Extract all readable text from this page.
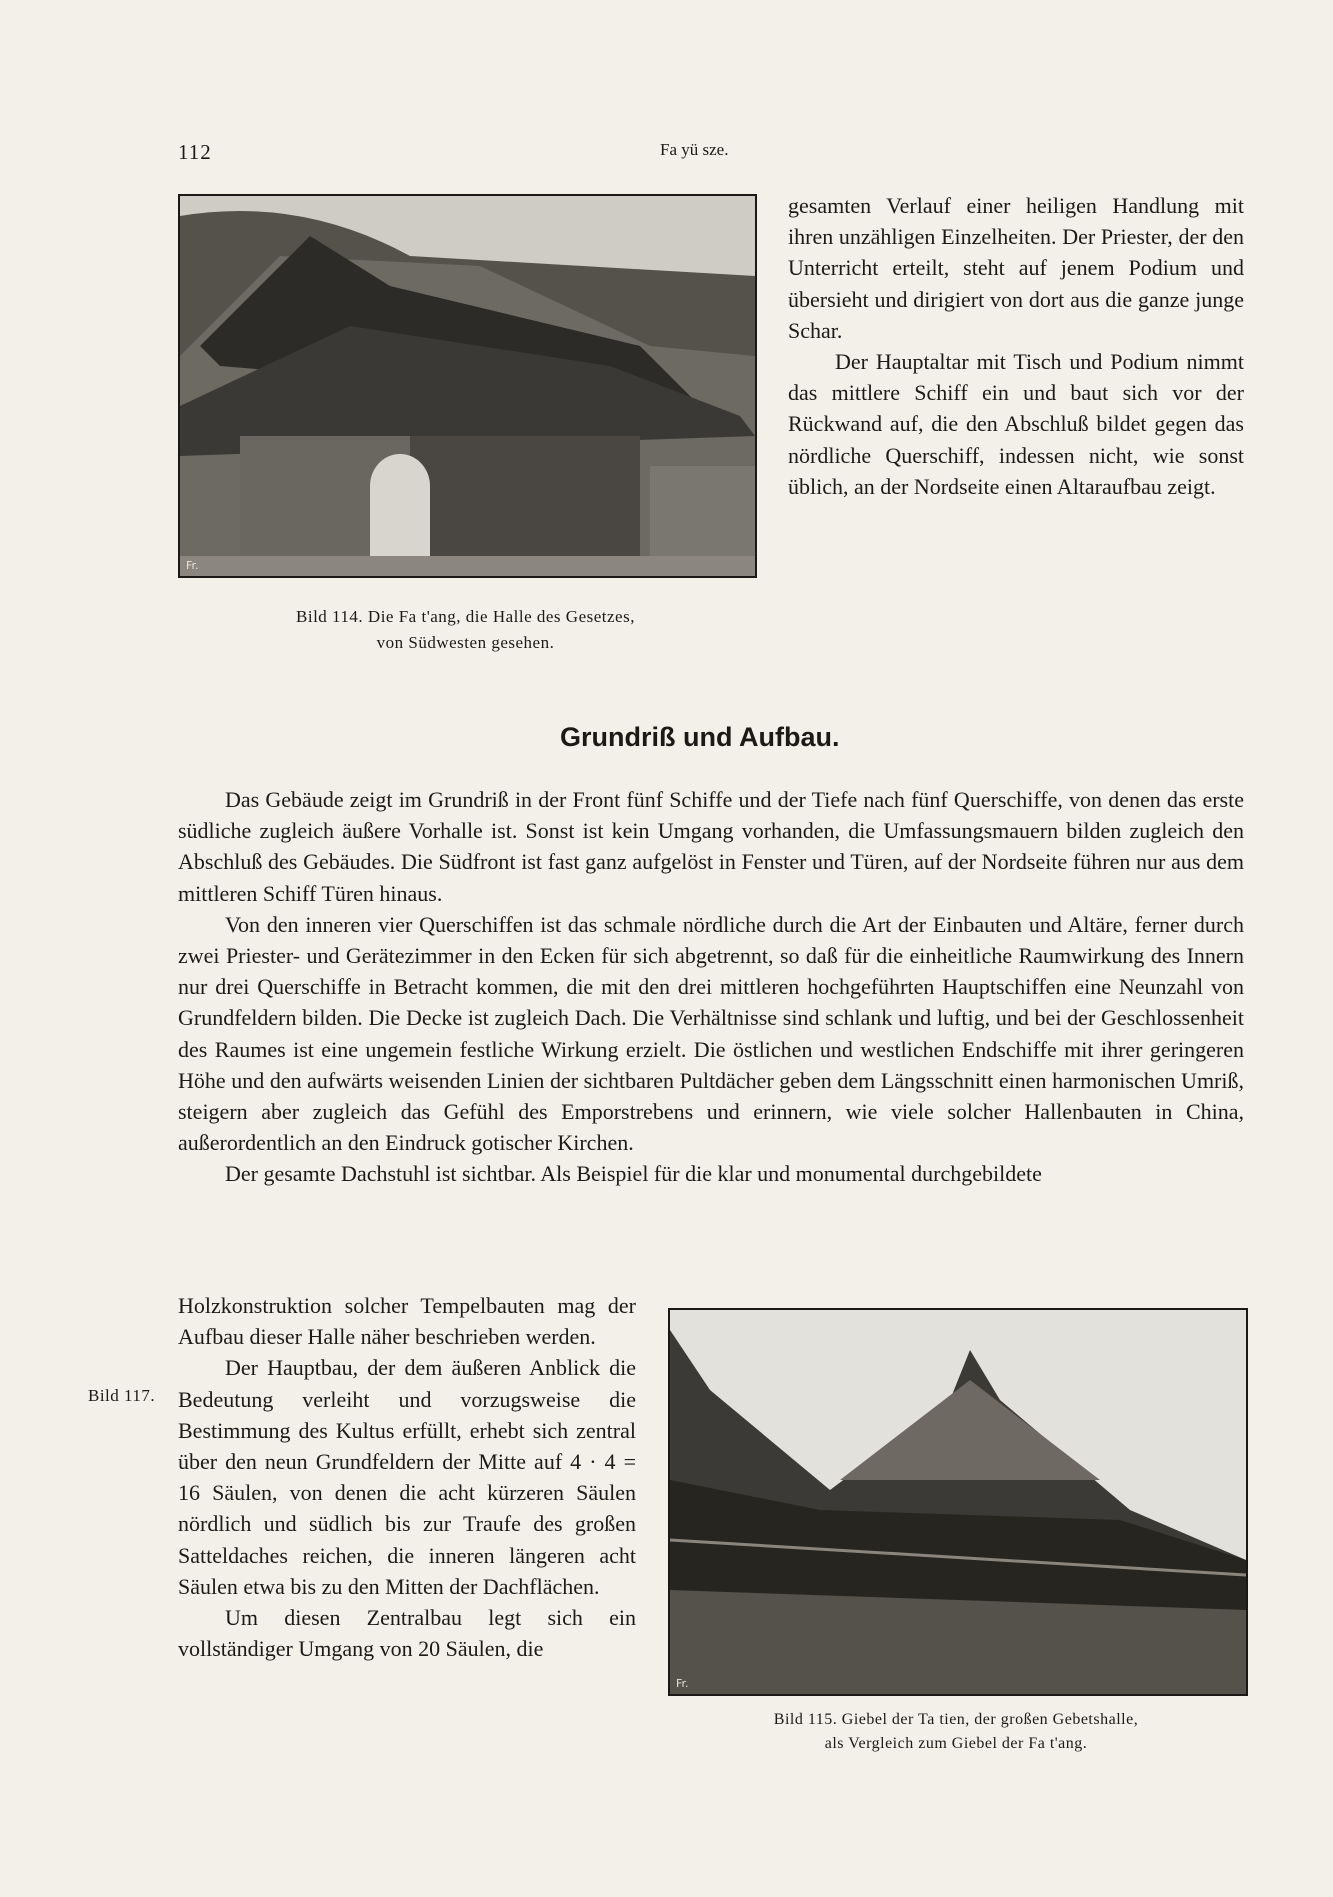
112	Fa yü sze.
Fr.
Bild 114. Die Fa t'ang, die Halle des Gesetzes,
von Südwesten gesehen.

gesamten Verlauf einer heiligen Handlung mit ihren unzähligen Einzelheiten. Der Priester, der den Unterricht erteilt, steht auf jenem Podium und übersieht und dirigiert von dort aus die ganze junge Schar.

Der Hauptaltar mit Tisch und Podium nimmt das mittlere Schiff ein und baut sich vor der Rückwand auf, die den Abschluß bildet gegen das nördliche Querschiff, indessen nicht, wie sonst üblich, an der Nordseite einen Altaraufbau zeigt.

Grundriß und Aufbau.

Das Gebäude zeigt im Grundriß in der Front fünf Schiffe und der Tiefe nach fünf Querschiffe, von denen das erste südliche zugleich äußere Vorhalle ist. Sonst ist kein Umgang vorhanden, die Umfassungsmauern bilden zugleich den Abschluß des Gebäudes. Die Südfront ist fast ganz aufgelöst in Fenster und Türen, auf der Nordseite führen nur aus dem mittleren Schiff Türen hinaus.

Von den inneren vier Querschiffen ist das schmale nördliche durch die Art der Einbauten und Altäre, ferner durch zwei Priester- und Gerätezimmer in den Ecken für sich abgetrennt, so daß für die einheitliche Raumwirkung des Innern nur drei Querschiffe in Betracht kommen, die mit den drei mittleren hochgeführten Hauptschiffen eine Neunzahl von Grundfeldern bilden. Die Decke ist zugleich Dach. Die Verhältnisse sind schlank und luftig, und bei der Geschlossenheit des Raumes ist eine ungemein festliche Wirkung erzielt. Die östlichen und westlichen Endschiffe mit ihrer geringeren Höhe und den aufwärts weisenden Linien der sichtbaren Pultdächer geben dem Längsschnitt einen harmonischen Umriß, steigern aber zugleich das Gefühl des Emporstrebens und erinnern, wie viele solcher Hallenbauten in China, außerordentlich an den Eindruck gotischer Kirchen.

Der gesamte Dachstuhl ist sichtbar. Als Beispiel für die klar und monumental durchgebildete

Holzkonstruktion solcher Tempelbauten mag der Aufbau dieser Halle näher beschrieben werden.

Der Hauptbau, der dem äußeren Anblick die Bedeutung verleiht und vorzugsweise die Bestimmung des Kultus erfüllt, erhebt sich zentral über den neun Grundfeldern der Mitte auf 4 · 4 = 16 Säulen, von denen die acht kürzeren Säulen nördlich und südlich bis zur Traufe des großen Satteldaches reichen, die inneren längeren acht Säulen etwa bis zu den Mitten der Dachflächen.

Um diesen Zentralbau legt sich ein vollständiger Umgang von 20 Säulen, die

Bild 117.
Fr.
Bild 115. Giebel der Ta tien, der großen Gebetshalle,
als Vergleich zum Giebel der Fa t'ang.
